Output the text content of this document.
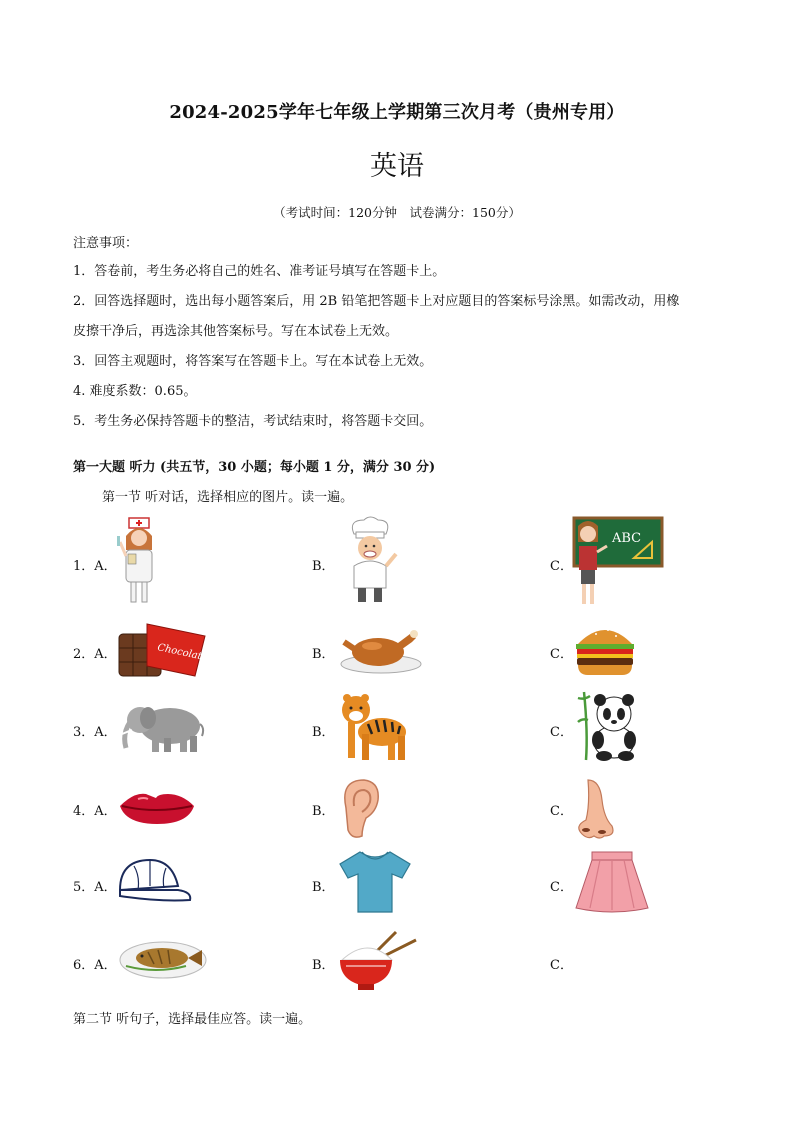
2024-2025学年七年级上学期第三次月考（贵州专用）
英语
（考试时间：120分钟　试卷满分：150分）
注意事项：
1．答卷前，考生务必将自己的姓名、准考证号填写在答题卡上。
2．回答选择题时，选出每小题答案后，用 2B 铅笔把答题卡上对应题目的答案标号涂黑。如需改动，用橡
皮擦干净后，再选涂其他答案标号。写在本试卷上无效。
3．回答主观题时，将答案写在答题卡上。写在本试卷上无效。
4. 难度系数：0.65。
5．考生务必保持答题卡的整洁，考试结束时，将答题卡交回。
第一大题 听力 (共五节，30 小题；每小题 1 分，满分 30 分)
第一节 听对话，选择相应的图片。读一遍。
1．A．	B．	C．
ABC
2．A．	B．	C．
Chocolate
3．A．	B．	C．
4．A．	B．	C．
5．A．	B．	C．
6．A．	B．	C．
第二节 听句子，选择最佳应答。读一遍。
